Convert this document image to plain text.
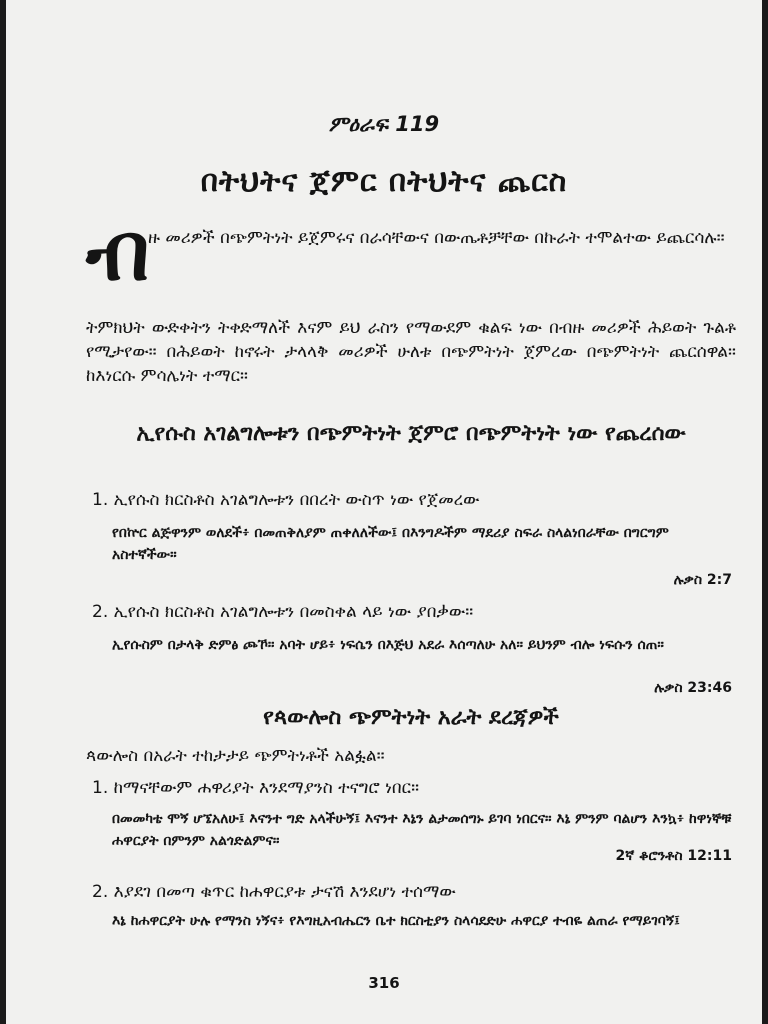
ምዕራፍ 119
በትህትና ጀምር በትህትና ጨርስ
ብ

ዙ መሪዎች በጭምትነት ይጀምሩና በራሳቸውና በውጤቶቻቸው በኩራት ተሞልተው ይጨርሳሉ።

ትምክህት ውድቀትን ትቀድማለች እናም ይህ ራስን የማውደም ቁልፍ ነው በብዙ መሪዎች ሕይወት ጉልቶ የሚታየው። በሕይወት ከኖሩት ታላላቅ መሪዎች ሁለቱ በጭምትነት ጀምረው በጭምትነት ጨርሰዋል። ከእነርሱ ምሳሌነት ተማር።

ኢየሱስ አገልግሎቱን በጭምትነት ጀምሮ በጭምትነት ነው የጨረሰው
1. ኢየሱስ ክርስቶስ አገልግሎቱን በበረት ውስጥ ነው የጀመረው

የበኵር ልጅዋንም ወለደች፥ በመጠቅለያም ጠቀለለችው፤ በእንግዶችም ማደሪያ ስፍራ ስላልነበራቸው በግርግም አስተኛችው።

ሉቃስ 2:7
2. ኢየሱስ ክርስቶስ አገልግሎቱን በመስቀል ላይ ነው ያበቃው።

ኢየሱስም በታላቅ ድምፅ ጮኾ። አባት ሆይ፥ ነፍሴን በእጅህ አደራ እሰጣለሁ አለ። ይህንም ብሎ ነፍሱን ሰጠ።

ሉቃስ 23:46
የጳውሎስ ጭምትነት አራት ደረጃዎች
ጳውሎስ በአራት ተከታታይ ጭምትነቶች አልፏል።
1. ከማናቸውም ሐዋሪያት እንደማያንስ ተናግሮ ነበር።

በመመካቴ ሞኝ ሆኜአለሁ፤ እናንተ ግድ አላችሁኝ፤ እናንተ እኔን ልታመሰግኑ ይገባ ነበርና። እኔ ምንም ባልሆን እንኳ፥ ከዋነኞቹ ሐዋርያት በምንም አልጎድልምና።

2ኛ ቆሮንቶስ 12:11
2. እያደገ በመጣ ቁጥር ከሐዋርያቱ ታናሽ እንደሆነ ተሰማው

እኔ ከሐዋርያት ሁሉ የማንስ ነኝና፥ የእግዚአብሔርን ቤተ ክርስቲያን ስላሳደድሁ ሐዋርያ ተብዬ ልጠራ የማይገባኝ፤

316
